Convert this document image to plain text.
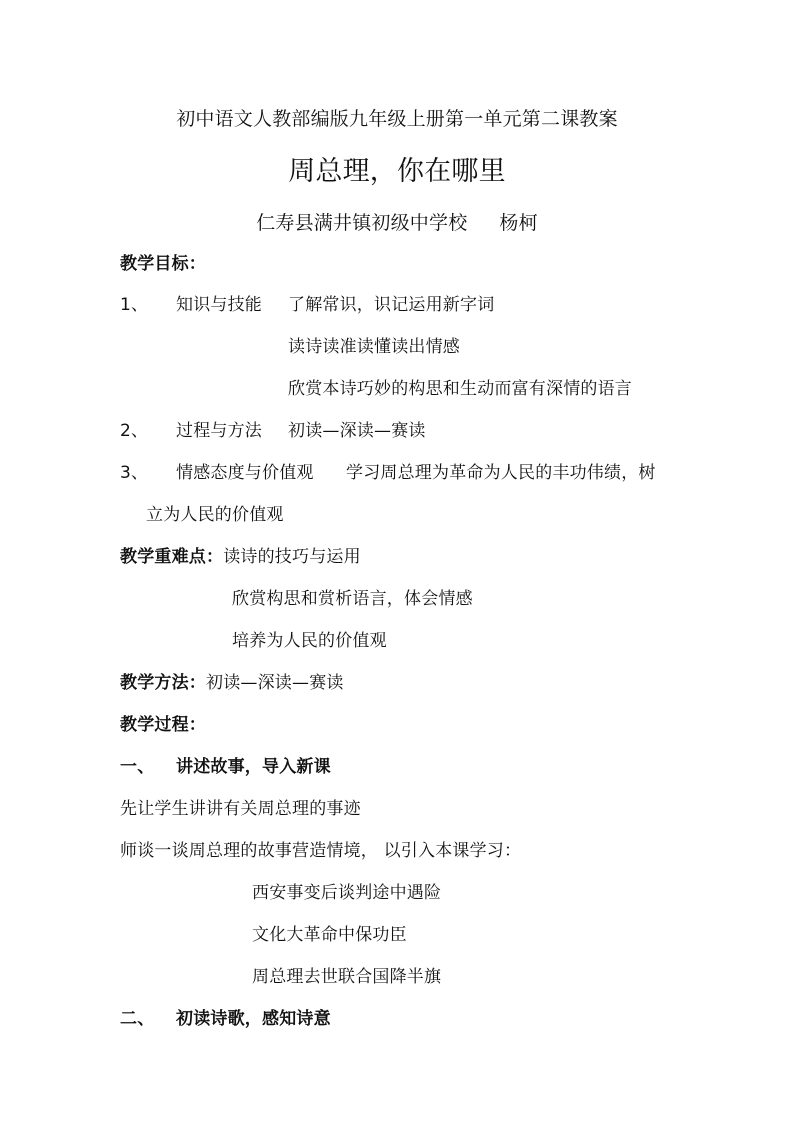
初中语文人教部编版九年级上册第一单元第二课教案
周总理，你在哪里
仁寿县满井镇初级中学校 杨柯
教学目标：
1、 知识与技能 了解常识，识记运用新字词
读诗读准读懂读出情感
欣赏本诗巧妙的构思和生动而富有深情的语言
2、 过程与方法 初读—深读—赛读
3、 情感态度与价值观 学习周总理为革命为人民的丰功伟绩，树
立为人民的价值观
教学重难点：读诗的技巧与运用
欣赏构思和赏析语言，体会情感
培养为人民的价值观
教学方法：初读—深读—赛读
教学过程：
一、 讲述故事，导入新课
先让学生讲讲有关周总理的事迹
师谈一谈周总理的故事营造情境， 以引入本课学习：
西安事变后谈判途中遇险
文化大革命中保功臣
周总理去世联合国降半旗
二、 初读诗歌，感知诗意
